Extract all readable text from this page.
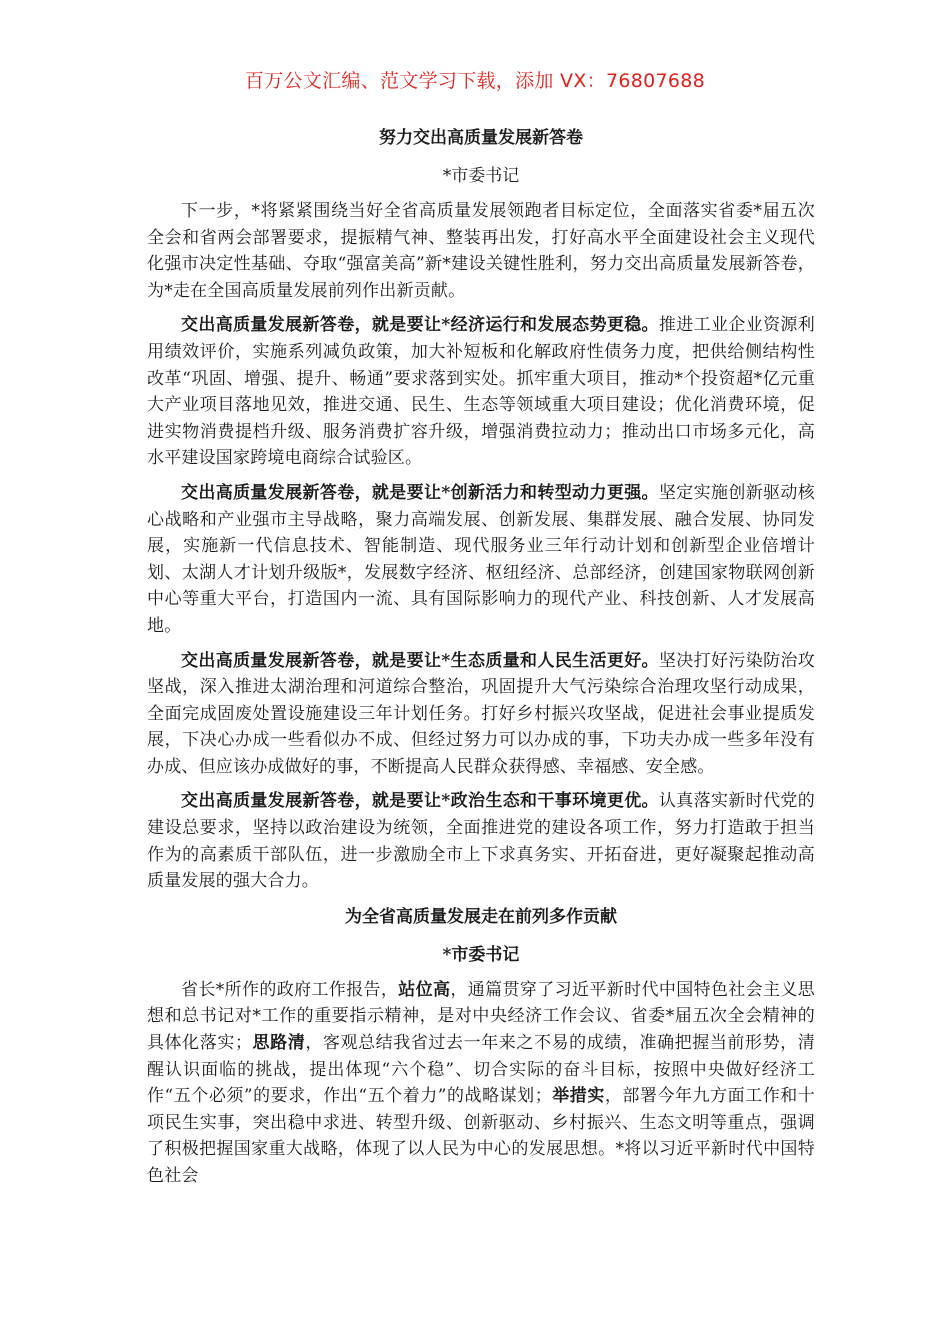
百万公文汇编、范文学习下载，添加 VX：76807688
努力交出高质量发展新答卷
*市委书记

下一步，*将紧紧围绕当好全省高质量发展领跑者目标定位，全面落实省委*届五次全会和省两会部署要求，提振精气神、整装再出发，打好高水平全面建设社会主义现代化强市决定性基础、夺取“强富美高”新*建设关键性胜利，努力交出高质量发展新答卷，为*走在全国高质量发展前列作出新贡献。

交出高质量发展新答卷，就是要让*经济运行和发展态势更稳。推进工业企业资源利用绩效评价，实施系列减负政策，加大补短板和化解政府性债务力度，把供给侧结构性改革“巩固、增强、提升、畅通”要求落到实处。抓牢重大项目，推动*个投资超*亿元重大产业项目落地见效，推进交通、民生、生态等领域重大项目建设；优化消费环境，促进实物消费提档升级、服务消费扩容升级，增强消费拉动力；推动出口市场多元化，高水平建设国家跨境电商综合试验区。

交出高质量发展新答卷，就是要让*创新活力和转型动力更强。坚定实施创新驱动核心战略和产业强市主导战略，聚力高端发展、创新发展、集群发展、融合发展、协同发展，实施新一代信息技术、智能制造、现代服务业三年行动计划和创新型企业倍增计划、太湖人才计划升级版*，发展数字经济、枢纽经济、总部经济，创建国家物联网创新中心等重大平台，打造国内一流、具有国际影响力的现代产业、科技创新、人才发展高地。

交出高质量发展新答卷，就是要让*生态质量和人民生活更好。坚决打好污染防治攻坚战，深入推进太湖治理和河道综合整治，巩固提升大气污染综合治理攻坚行动成果，全面完成固废处置设施建设三年计划任务。打好乡村振兴攻坚战，促进社会事业提质发展，下决心办成一些看似办不成、但经过努力可以办成的事，下功夫办成一些多年没有办成、但应该办成做好的事，不断提高人民群众获得感、幸福感、安全感。

交出高质量发展新答卷，就是要让*政治生态和干事环境更优。认真落实新时代党的建设总要求，坚持以政治建设为统领，全面推进党的建设各项工作，努力打造敢于担当作为的高素质干部队伍，进一步激励全市上下求真务实、开拓奋进，更好凝聚起推动高质量发展的强大合力。

为全省高质量发展走在前列多作贡献
*市委书记

省长*所作的政府工作报告，站位高，通篇贯穿了习近平新时代中国特色社会主义思想和总书记对*工作的重要指示精神，是对中央经济工作会议、省委*届五次全会精神的具体化落实；思路清，客观总结我省过去一年来之不易的成绩，准确把握当前形势，清醒认识面临的挑战，提出体现“六个稳”、切合实际的奋斗目标，按照中央做好经济工作“五个必须”的要求，作出“五个着力”的战略谋划；举措实，部署今年九方面工作和十项民生实事，突出稳中求进、转型升级、创新驱动、乡村振兴、生态文明等重点，强调了积极把握国家重大战略，体现了以人民为中心的发展思想。*将以习近平新时代中国特色社会
